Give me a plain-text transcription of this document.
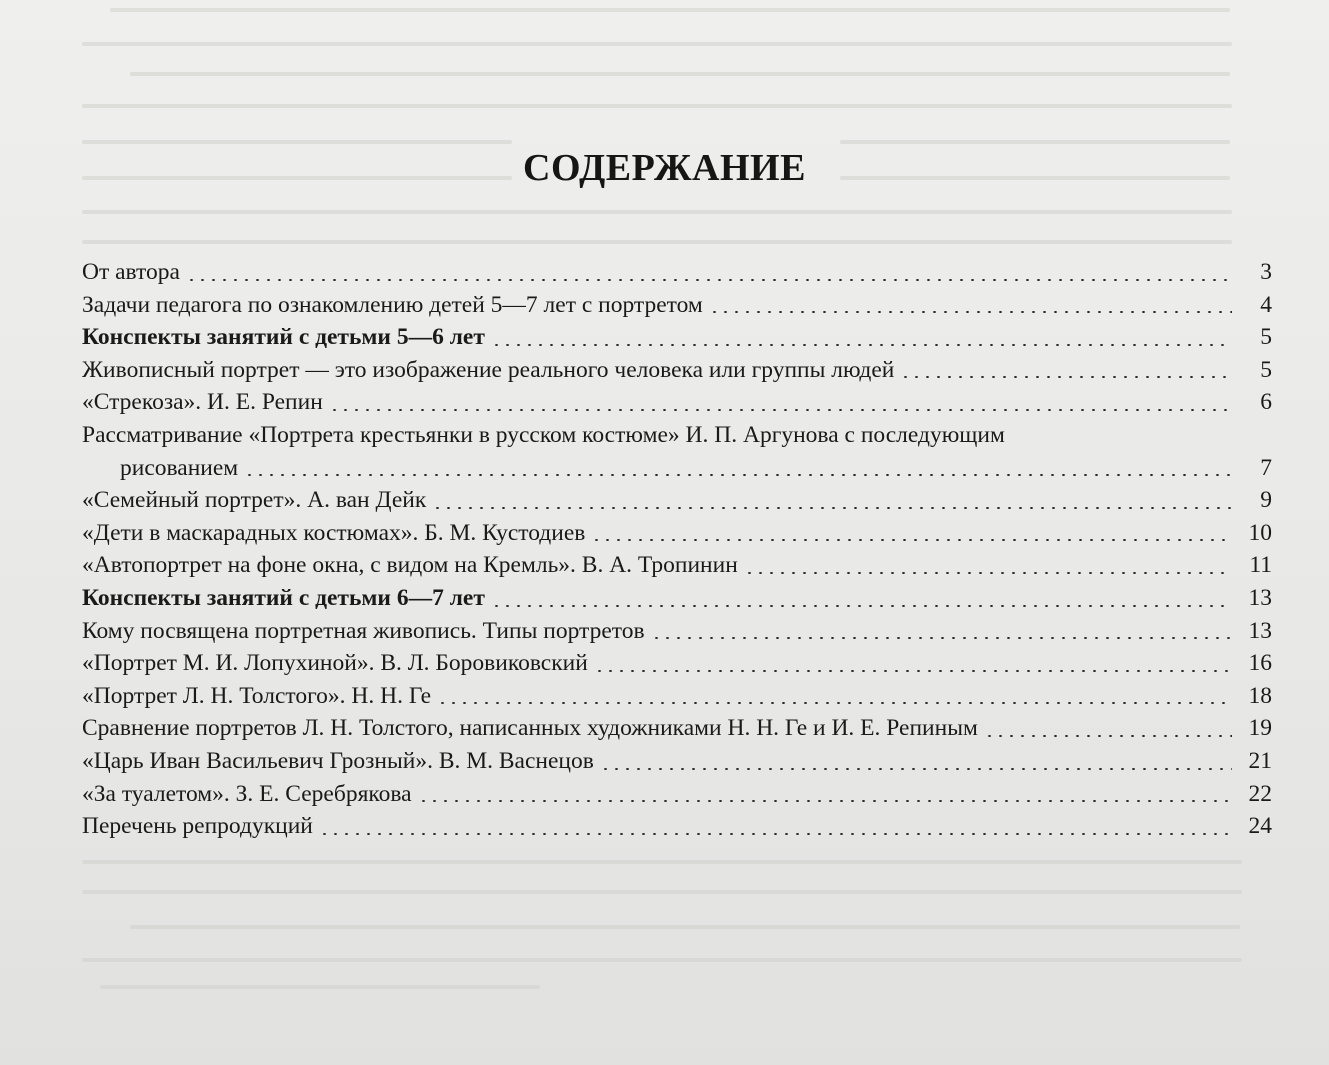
СОДЕРЖАНИЕ
От автора	3
Задачи педагога по ознакомлению детей 5—7 лет с портретом	4
Конспекты занятий с детьми 5—6 лет	5
Живописный портрет — это изображение реального человека или группы людей	5
«Стрекоза». И. Е. Репин	6
Рассматривание «Портрета крестьянки в русском костюме» И. П. Аргунова с последующим
рисованием	7
«Семейный портрет». А. ван Дейк	9
«Дети в маскарадных костюмах». Б. М. Кустодиев	10
«Автопортрет на фоне окна, с видом на Кремль». В. А. Тропинин	11
Конспекты занятий с детьми 6—7 лет	13
Кому посвящена портретная живопись. Типы портретов	13
«Портрет М. И. Лопухиной». В. Л. Боровиковский	16
«Портрет Л. Н. Толстого». Н. Н. Ге	18
Сравнение портретов Л. Н. Толстого, написанных художниками Н. Н. Ге и И. Е. Репиным	19
«Царь Иван Васильевич Грозный». В. М. Васнецов	21
«За туалетом». З. Е. Серебрякова	22
Перечень репродукций	24
